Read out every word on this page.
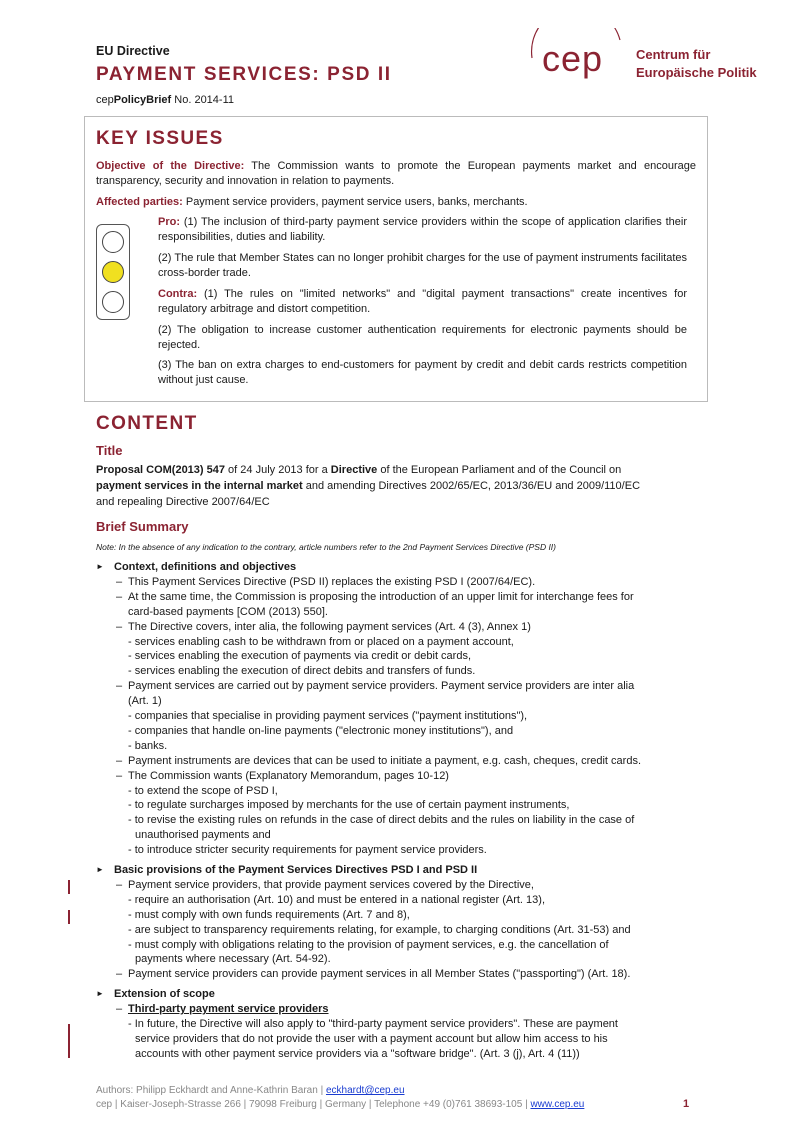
EU Directive
PAYMENT SERVICES: PSD II
cepPolicyBrief No. 2014-11
cep	Centrum für
Europäische Politik
KEY ISSUES
Objective of the Directive: The Commission wants to promote the European payments market and encourage transparency, security and innovation in relation to payments.
Affected parties: Payment service providers, payment service users, banks, merchants.
Pro: (1) The inclusion of third-party payment service providers within the scope of application clarifies their responsibilities, duties and liability.
(2) The rule that Member States can no longer prohibit charges for the use of payment instruments facilitates cross-border trade.
Contra: (1) The rules on "limited networks" and "digital payment transactions" create incentives for regulatory arbitrage and distort competition.
(2) The obligation to increase customer authentication requirements for electronic payments should be rejected.
(3) The ban on extra charges to end-customers for payment by credit and debit cards restricts competition without just cause.
CONTENT
Title
Proposal COM(2013) 547 of 24 July 2013 for a Directive of the European Parliament and of the Council on
payment services in the internal market and amending Directives 2002/65/EC, 2013/36/EU and 2009/110/EC
and repealing Directive 2007/64/EC
Brief Summary
Note: In the absence of any indication to the contrary, article numbers refer to the 2nd Payment Services Directive (PSD II)
► Context, definitions and objectives
– This Payment Services Directive (PSD II) replaces the existing PSD I (2007/64/EC).
– At the same time, the Commission is proposing the introduction of an upper limit for interchange fees for
card-based payments [COM (2013) 550].
– The Directive covers, inter alia, the following payment services (Art. 4 (3), Annex 1)
- services enabling cash to be withdrawn from or placed on a payment account,
- services enabling the execution of payments via credit or debit cards,
- services enabling the execution of direct debits and transfers of funds.
– Payment services are carried out by payment service providers. Payment service providers are inter alia
(Art. 1)
- companies that specialise in providing payment services ("payment institutions"),
- companies that handle on-line payments ("electronic money institutions"), and
- banks.
– Payment instruments are devices that can be used to initiate a payment, e.g. cash, cheques, credit cards.
– The Commission wants (Explanatory Memorandum, pages 10-12)
- to extend the scope of PSD I,
- to regulate surcharges imposed by merchants for the use of certain payment instruments,
- to revise the existing rules on refunds in the case of direct debits and the rules on liability in the case of
unauthorised payments and
- to introduce stricter security requirements for payment service providers.
► Basic provisions of the Payment Services Directives PSD I and PSD II
– Payment service providers, that provide payment services covered by the Directive,
- require an authorisation (Art. 10) and must be entered in a national register (Art. 13),
- must comply with own funds requirements (Art. 7 and 8),
- are subject to transparency requirements relating, for example, to charging conditions (Art. 31-53) and
- must comply with obligations relating to the provision of payment services, e.g. the cancellation of
payments where necessary (Art. 54-92).
– Payment service providers can provide payment services in all Member States ("passporting") (Art. 18).
► Extension of scope
– Third-party payment service providers
- In future, the Directive will also apply to "third-party payment service providers". These are payment
service providers that do not provide the user with a payment account but allow him access to his
accounts with other payment service providers via a "software bridge". (Art. 3 (j), Art. 4 (11))
Authors: Philipp Eckhardt and Anne-Kathrin Baran | eckhardt@cep.eu
cep | Kaiser-Joseph-Strasse 266 | 79098 Freiburg | Germany | Telephone +49 (0)761 38693-105 | www.cep.eu	1
